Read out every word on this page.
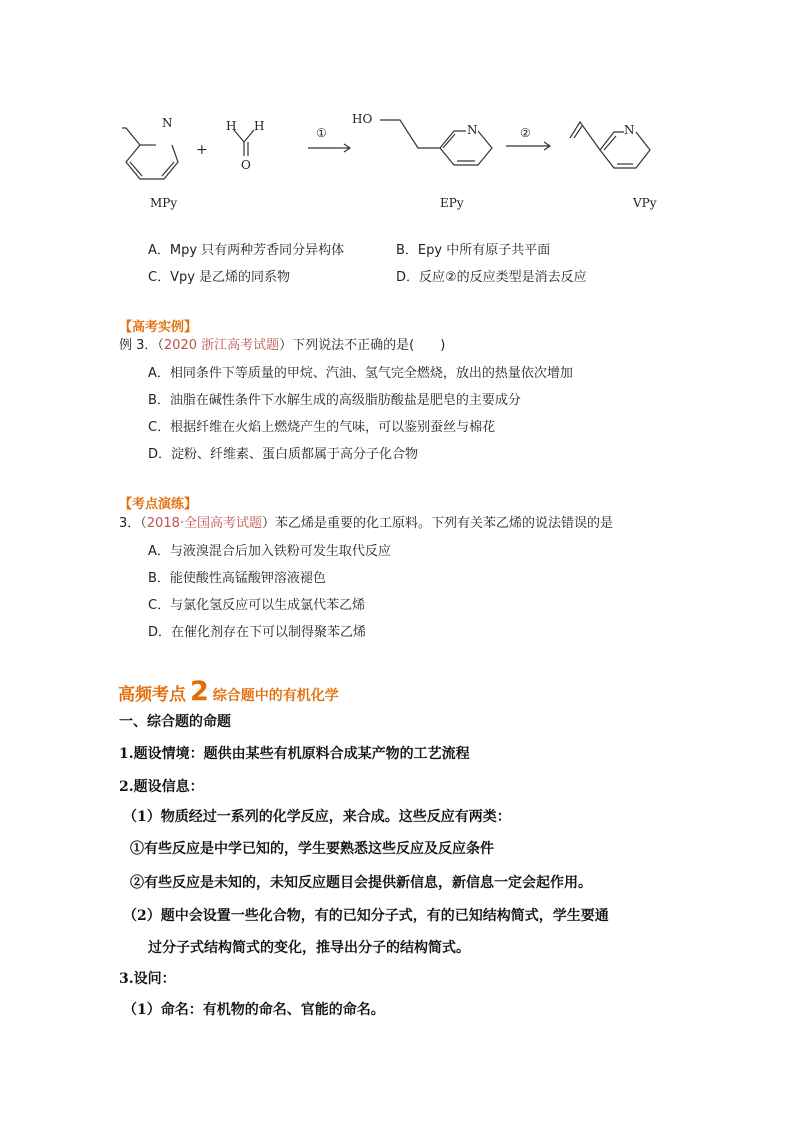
N
+
H H
O
①
HO
N	②	N
MPy	EPy	VPy
A．Mpy 只有两种芳香同分异构体	B．Epy 中所有原子共平面
C．Vpy 是乙烯的同系物	D．反应②的反应类型是消去反应
【高考实例】
例 3．（2020 浙江高考试题）下列说法不正确的是(　　)
A．相同条件下等质量的甲烷、汽油、氢气完全燃烧，放出的热量依次增加
B．油脂在碱性条件下水解生成的高级脂肪酸盐是肥皂的主要成分
C．根据纤维在火焰上燃烧产生的气味，可以鉴别蚕丝与棉花
D．淀粉、纤维素、蛋白质都属于高分子化合物
【考点演练】
3．（2018·全国高考试题）苯乙烯是重要的化工原料。下列有关苯乙烯的说法错误的是
A．与液溴混合后加入铁粉可发生取代反应
B．能使酸性高锰酸钾溶液褪色
C．与氯化氢反应可以生成氯代苯乙烯
D．在催化剂存在下可以制得聚苯乙烯
高频考点 2 综合题中的有机化学
一、综合题的命题
1.题设情境：题供由某些有机原料合成某产物的工艺流程
2.题设信息：
（1）物质经过一系列的化学反应，来合成。这些反应有两类：
①有些反应是中学已知的，学生要熟悉这些反应及反应条件
②有些反应是未知的，未知反应题目会提供新信息，新信息一定会起作用。
（2）题中会设置一些化合物，有的已知分子式，有的已知结构简式，学生要通
过分子式结构简式的变化，推导出分子的结构简式。
3.设问：
（1）命名：有机物的命名、官能的命名。
